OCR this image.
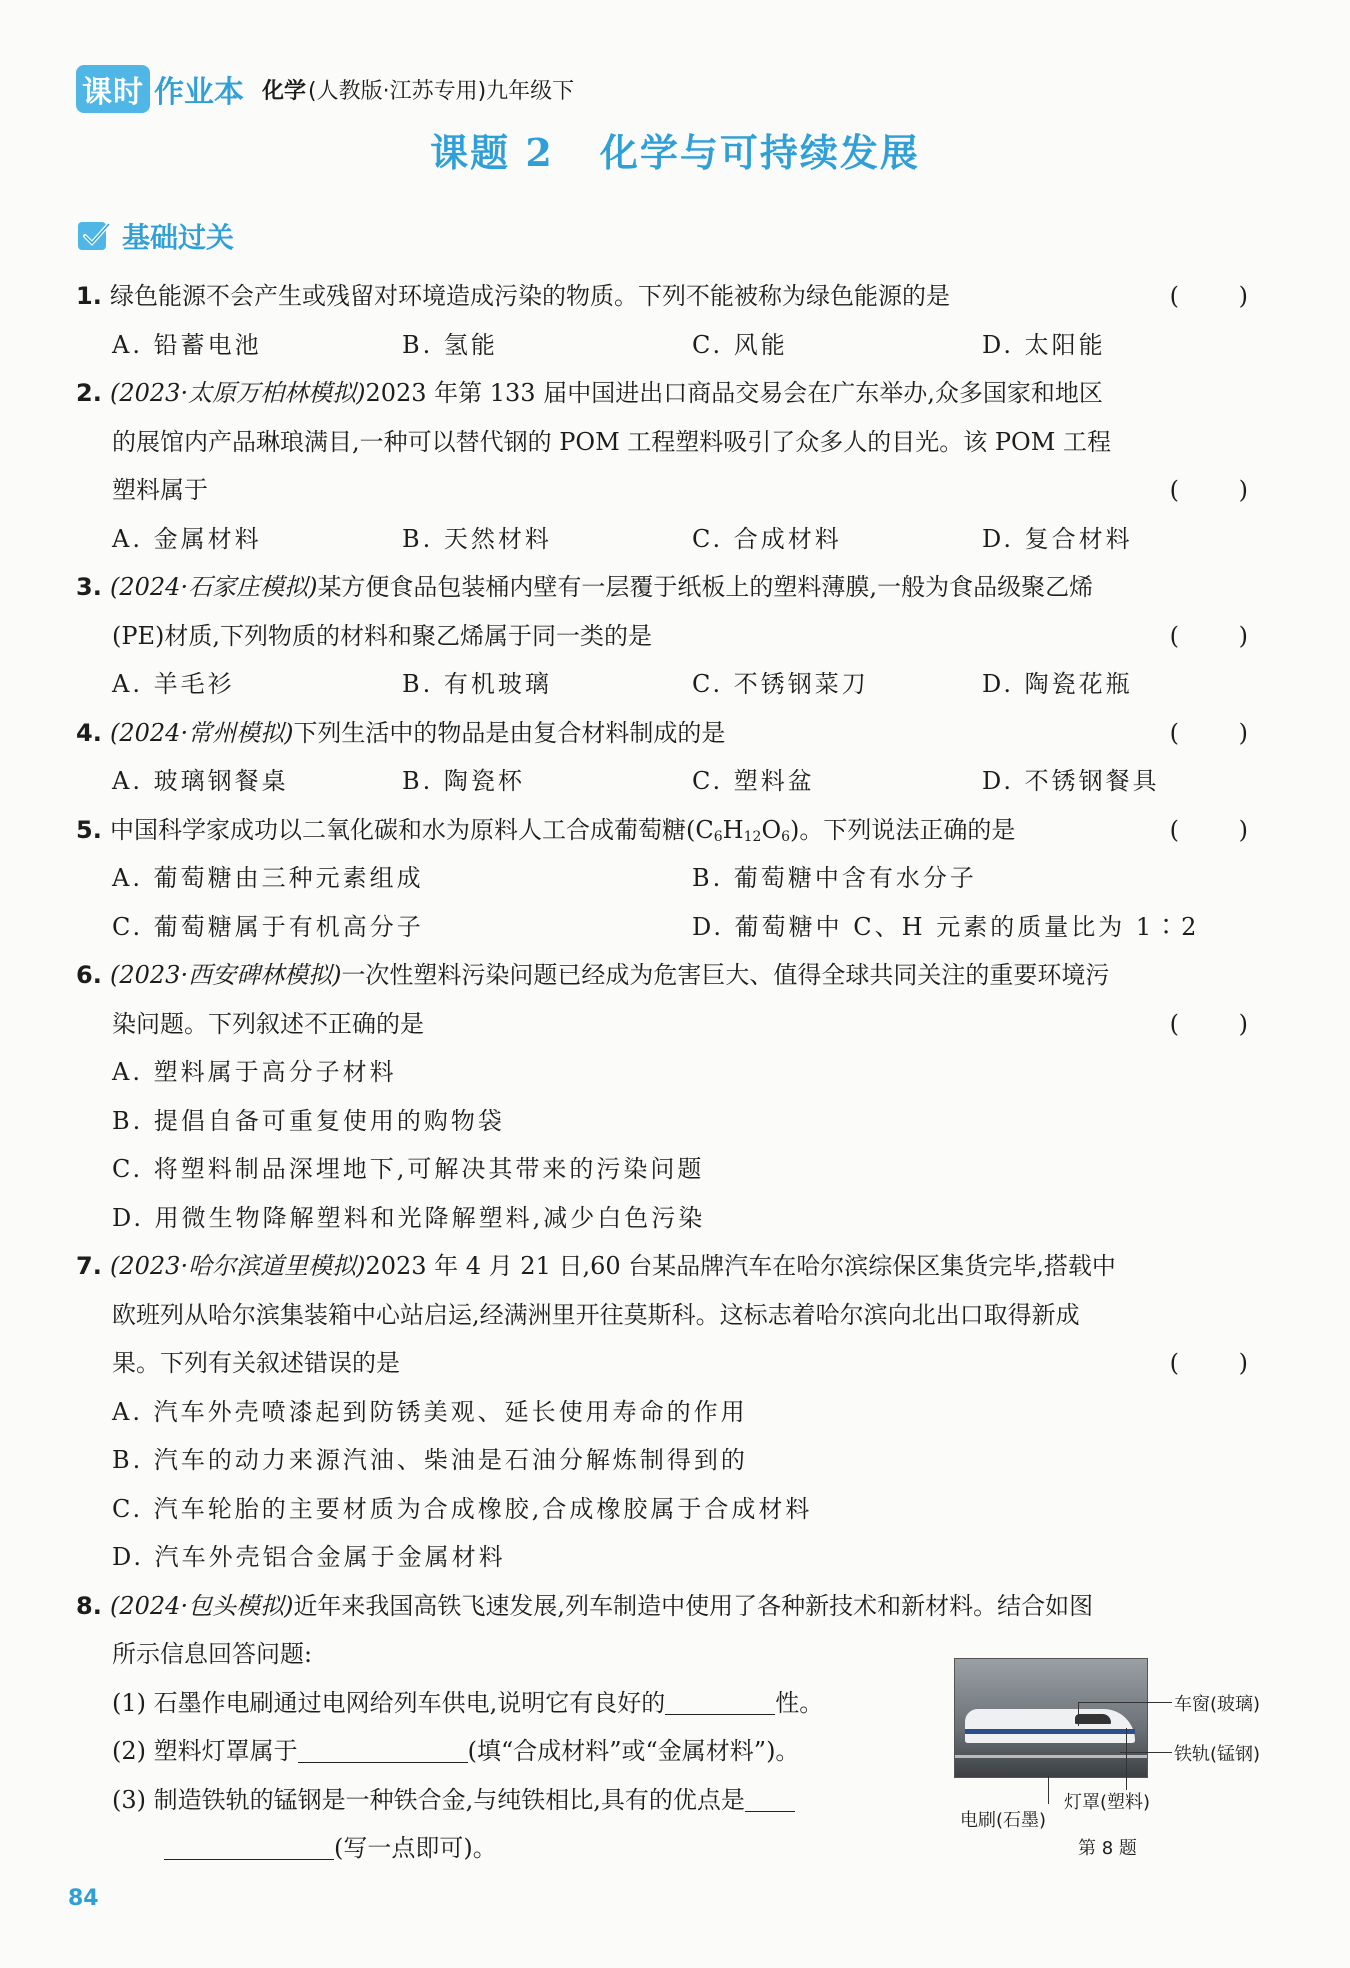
课时 作业本 化学 (人教版·江苏专用)九年级下
课题 2 化学与可持续发展
基础过关
1. 绿色能源不会产生或残留对环境造成污染的物质。下列不能被称为绿色能源的是	( )
A. 铅蓄电池	B. 氢能	C. 风能	D. 太阳能
2. (2023·太原万柏林模拟)2023 年第 133 届中国进出口商品交易会在广东举办,众多国家和地区
的展馆内产品琳琅满目,一种可以替代钢的 POM 工程塑料吸引了众多人的目光。该 POM 工程
塑料属于	( )
A. 金属材料	B. 天然材料	C. 合成材料	D. 复合材料
3. (2024·石家庄模拟)某方便食品包装桶内壁有一层覆于纸板上的塑料薄膜,一般为食品级聚乙烯
(PE)材质,下列物质的材料和聚乙烯属于同一类的是	( )
A. 羊毛衫	B. 有机玻璃	C. 不锈钢菜刀	D. 陶瓷花瓶
4. (2024·常州模拟)下列生活中的物品是由复合材料制成的是	( )
A. 玻璃钢餐桌	B. 陶瓷杯	C. 塑料盆	D. 不锈钢餐具
5. 中国科学家成功以二氧化碳和水为原料人工合成葡萄糖$(C_6H_{12}O_6)$。下列说法正确的是	( )
A. 葡萄糖由三种元素组成	B. 葡萄糖中含有水分子
C. 葡萄糖属于有机高分子	D. 葡萄糖中 C、H 元素的质量比为 1∶2
6. (2023·西安碑林模拟)一次性塑料污染问题已经成为危害巨大、值得全球共同关注的重要环境污
染问题。下列叙述不正确的是	( )
A. 塑料属于高分子材料
B. 提倡自备可重复使用的购物袋
C. 将塑料制品深埋地下,可解决其带来的污染问题
D. 用微生物降解塑料和光降解塑料,减少白色污染
7. (2023·哈尔滨道里模拟)2023 年 4 月 21 日,60 台某品牌汽车在哈尔滨综保区集货完毕,搭载中
欧班列从哈尔滨集装箱中心站启运,经满洲里开往莫斯科。这标志着哈尔滨向北出口取得新成
果。下列有关叙述错误的是	( )
A. 汽车外壳喷漆起到防锈美观、延长使用寿命的作用
B. 汽车的动力来源汽油、柴油是石油分解炼制得到的
C. 汽车轮胎的主要材质为合成橡胶,合成橡胶属于合成材料
D. 汽车外壳铝合金属于金属材料
8. (2024·包头模拟)近年来我国高铁飞速发展,列车制造中使用了各种新技术和新材料。结合如图
所示信息回答问题:
(1) 石墨作电刷通过电网给列车供电,说明它有良好的	性。
(2) 塑料灯罩属于	(填“合成材料”或“金属材料”)。
(3) 制造铁轨的锰钢是一种铁合金,与纯铁相比,具有的优点是
(写一点即可)。
车窗(玻璃)
铁轨(锰钢)
灯罩(塑料)
电刷(石墨)
第 8 题
84
